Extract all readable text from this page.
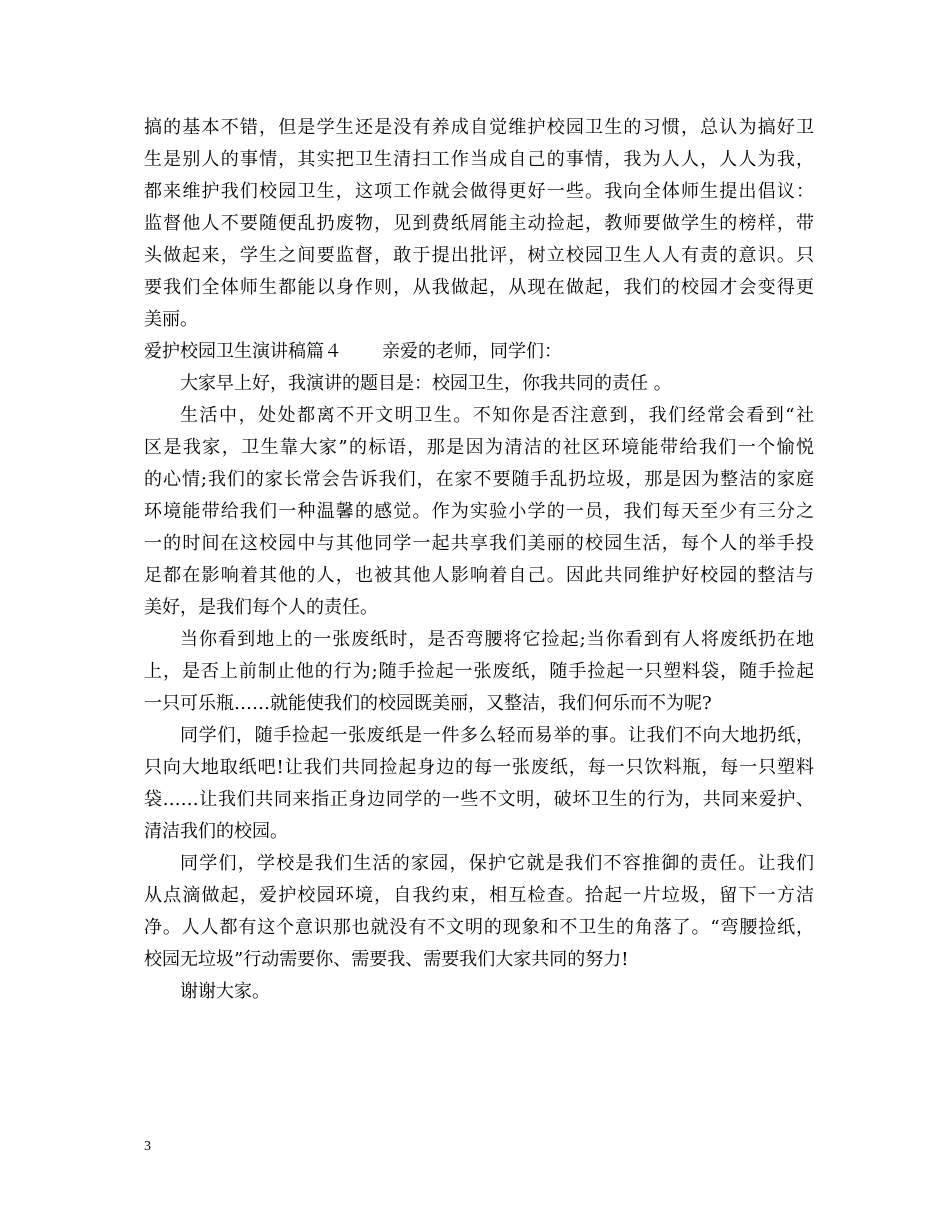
搞的基本不错，但是学生还是没有养成自觉维护校园卫生的习惯，总认为搞好卫
生是别人的事情，其实把卫生清扫工作当成自己的事情，我为人人，人人为我，
都来维护我们校园卫生，这项工作就会做得更好一些。我向全体师生提出倡议：
监督他人不要随便乱扔废物，见到费纸屑能主动捡起，教师要做学生的榜样，带
头做起来，学生之间要监督，敢于提出批评，树立校园卫生人人有责的意识。只
要我们全体师生都能以身作则，从我做起，从现在做起，我们的校园才会变得更
美丽。
爱护校园卫生演讲稿篇４ 亲爱的老师，同学们：
大家早上好，我演讲的题目是：校园卫生，你我共同的责任 。
生活中，处处都离不开文明卫生。不知你是否注意到，我们经常会看到“社
区是我家，卫生靠大家”的标语，那是因为清洁的社区环境能带给我们一个愉悦
的心情;我们的家长常会告诉我们，在家不要随手乱扔垃圾，那是因为整洁的家庭
环境能带给我们一种温馨的感觉。作为实验小学的一员，我们每天至少有三分之
一的时间在这校园中与其他同学一起共享我们美丽的校园生活，每个人的举手投
足都在影响着其他的人，也被其他人影响着自己。因此共同维护好校园的整洁与
美好，是我们每个人的责任。
当你看到地上的一张废纸时，是否弯腰将它捡起;当你看到有人将废纸扔在地
上，是否上前制止他的行为;随手捡起一张废纸，随手捡起一只塑料袋，随手捡起
一只可乐瓶……就能使我们的校园既美丽，又整洁，我们何乐而不为呢?
同学们，随手捡起一张废纸是一件多么轻而易举的事。让我们不向大地扔纸，
只向大地取纸吧!让我们共同捡起身边的每一张废纸，每一只饮料瓶，每一只塑料
袋……让我们共同来指正身边同学的一些不文明，破坏卫生的行为，共同来爱护、
清洁我们的校园。
同学们，学校是我们生活的家园，保护它就是我们不容推御的责任。让我们
从点滴做起，爱护校园环境，自我约束，相互检查。拾起一片垃圾，留下一方洁
净。人人都有这个意识那也就没有不文明的现象和不卫生的角落了。“弯腰捡纸，
校园无垃圾”行动需要你、需要我、需要我们大家共同的努力!
谢谢大家。
3
